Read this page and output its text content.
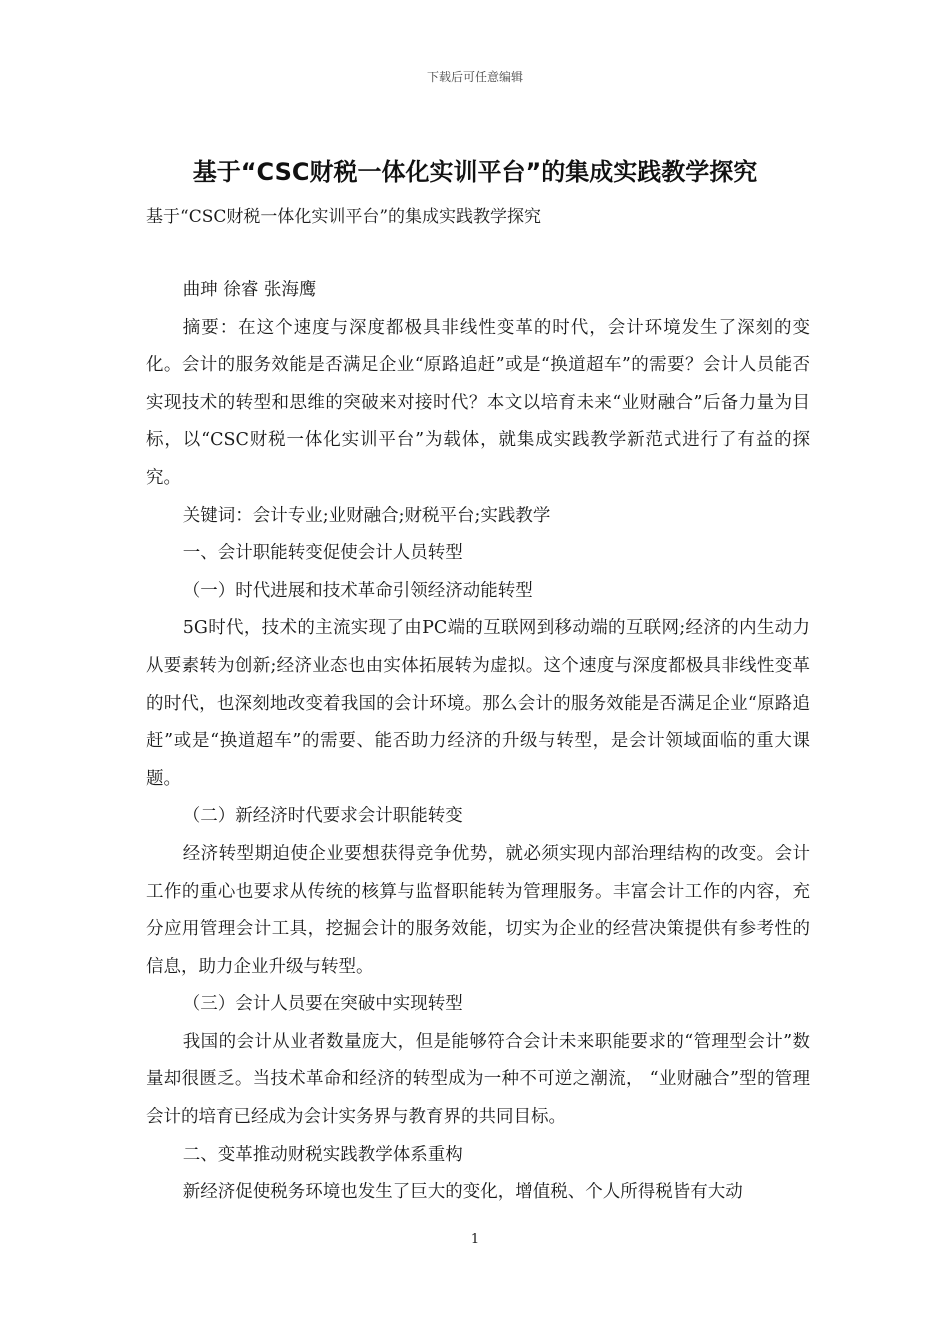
下载后可任意编辑
基于“CSC财税一体化实训平台”的集成实践教学探究
基于“CSC财税一体化实训平台”的集成实践教学探究

曲珅 徐睿 张海鹰

摘要：在这个速度与深度都极具非线性变革的时代，会计环境发生了深刻的变化。会计的服务效能是否满足企业“原路追赶”或是“换道超车”的需要？会计人员能否实现技术的转型和思维的突破来对接时代？本文以培育未来“业财融合”后备力量为目标，以“CSC财税一体化实训平台”为载体，就集成实践教学新范式进行了有益的探究。

关键词：会计专业;业财融合;财税平台;实践教学

一、会计职能转变促使会计人员转型

（一）时代进展和技术革命引领经济动能转型

5G时代，技术的主流实现了由PC端的互联网到移动端的互联网;经济的内生动力从要素转为创新;经济业态也由实体拓展转为虚拟。这个速度与深度都极具非线性变革的时代，也深刻地改变着我国的会计环境。那么会计的服务效能是否满足企业“原路追赶”或是“换道超车”的需要、能否助力经济的升级与转型，是会计领域面临的重大课题。

（二）新经济时代要求会计职能转变

经济转型期迫使企业要想获得竞争优势，就必须实现内部治理结构的改变。会计工作的重心也要求从传统的核算与监督职能转为管理服务。丰富会计工作的内容，充分应用管理会计工具，挖掘会计的服务效能，切实为企业的经营决策提供有参考性的信息，助力企业升级与转型。

（三）会计人员要在突破中实现转型

我国的会计从业者数量庞大，但是能够符合会计未来职能要求的“管理型会计”数量却很匮乏。当技术革命和经济的转型成为一种不可逆之潮流， “业财融合”型的管理会计的培育已经成为会计实务界与教育界的共同目标。

二、变革推动财税实践教学体系重构

新经济促使税务环境也发生了巨大的变化，增值税、个人所得税皆有大动

1
